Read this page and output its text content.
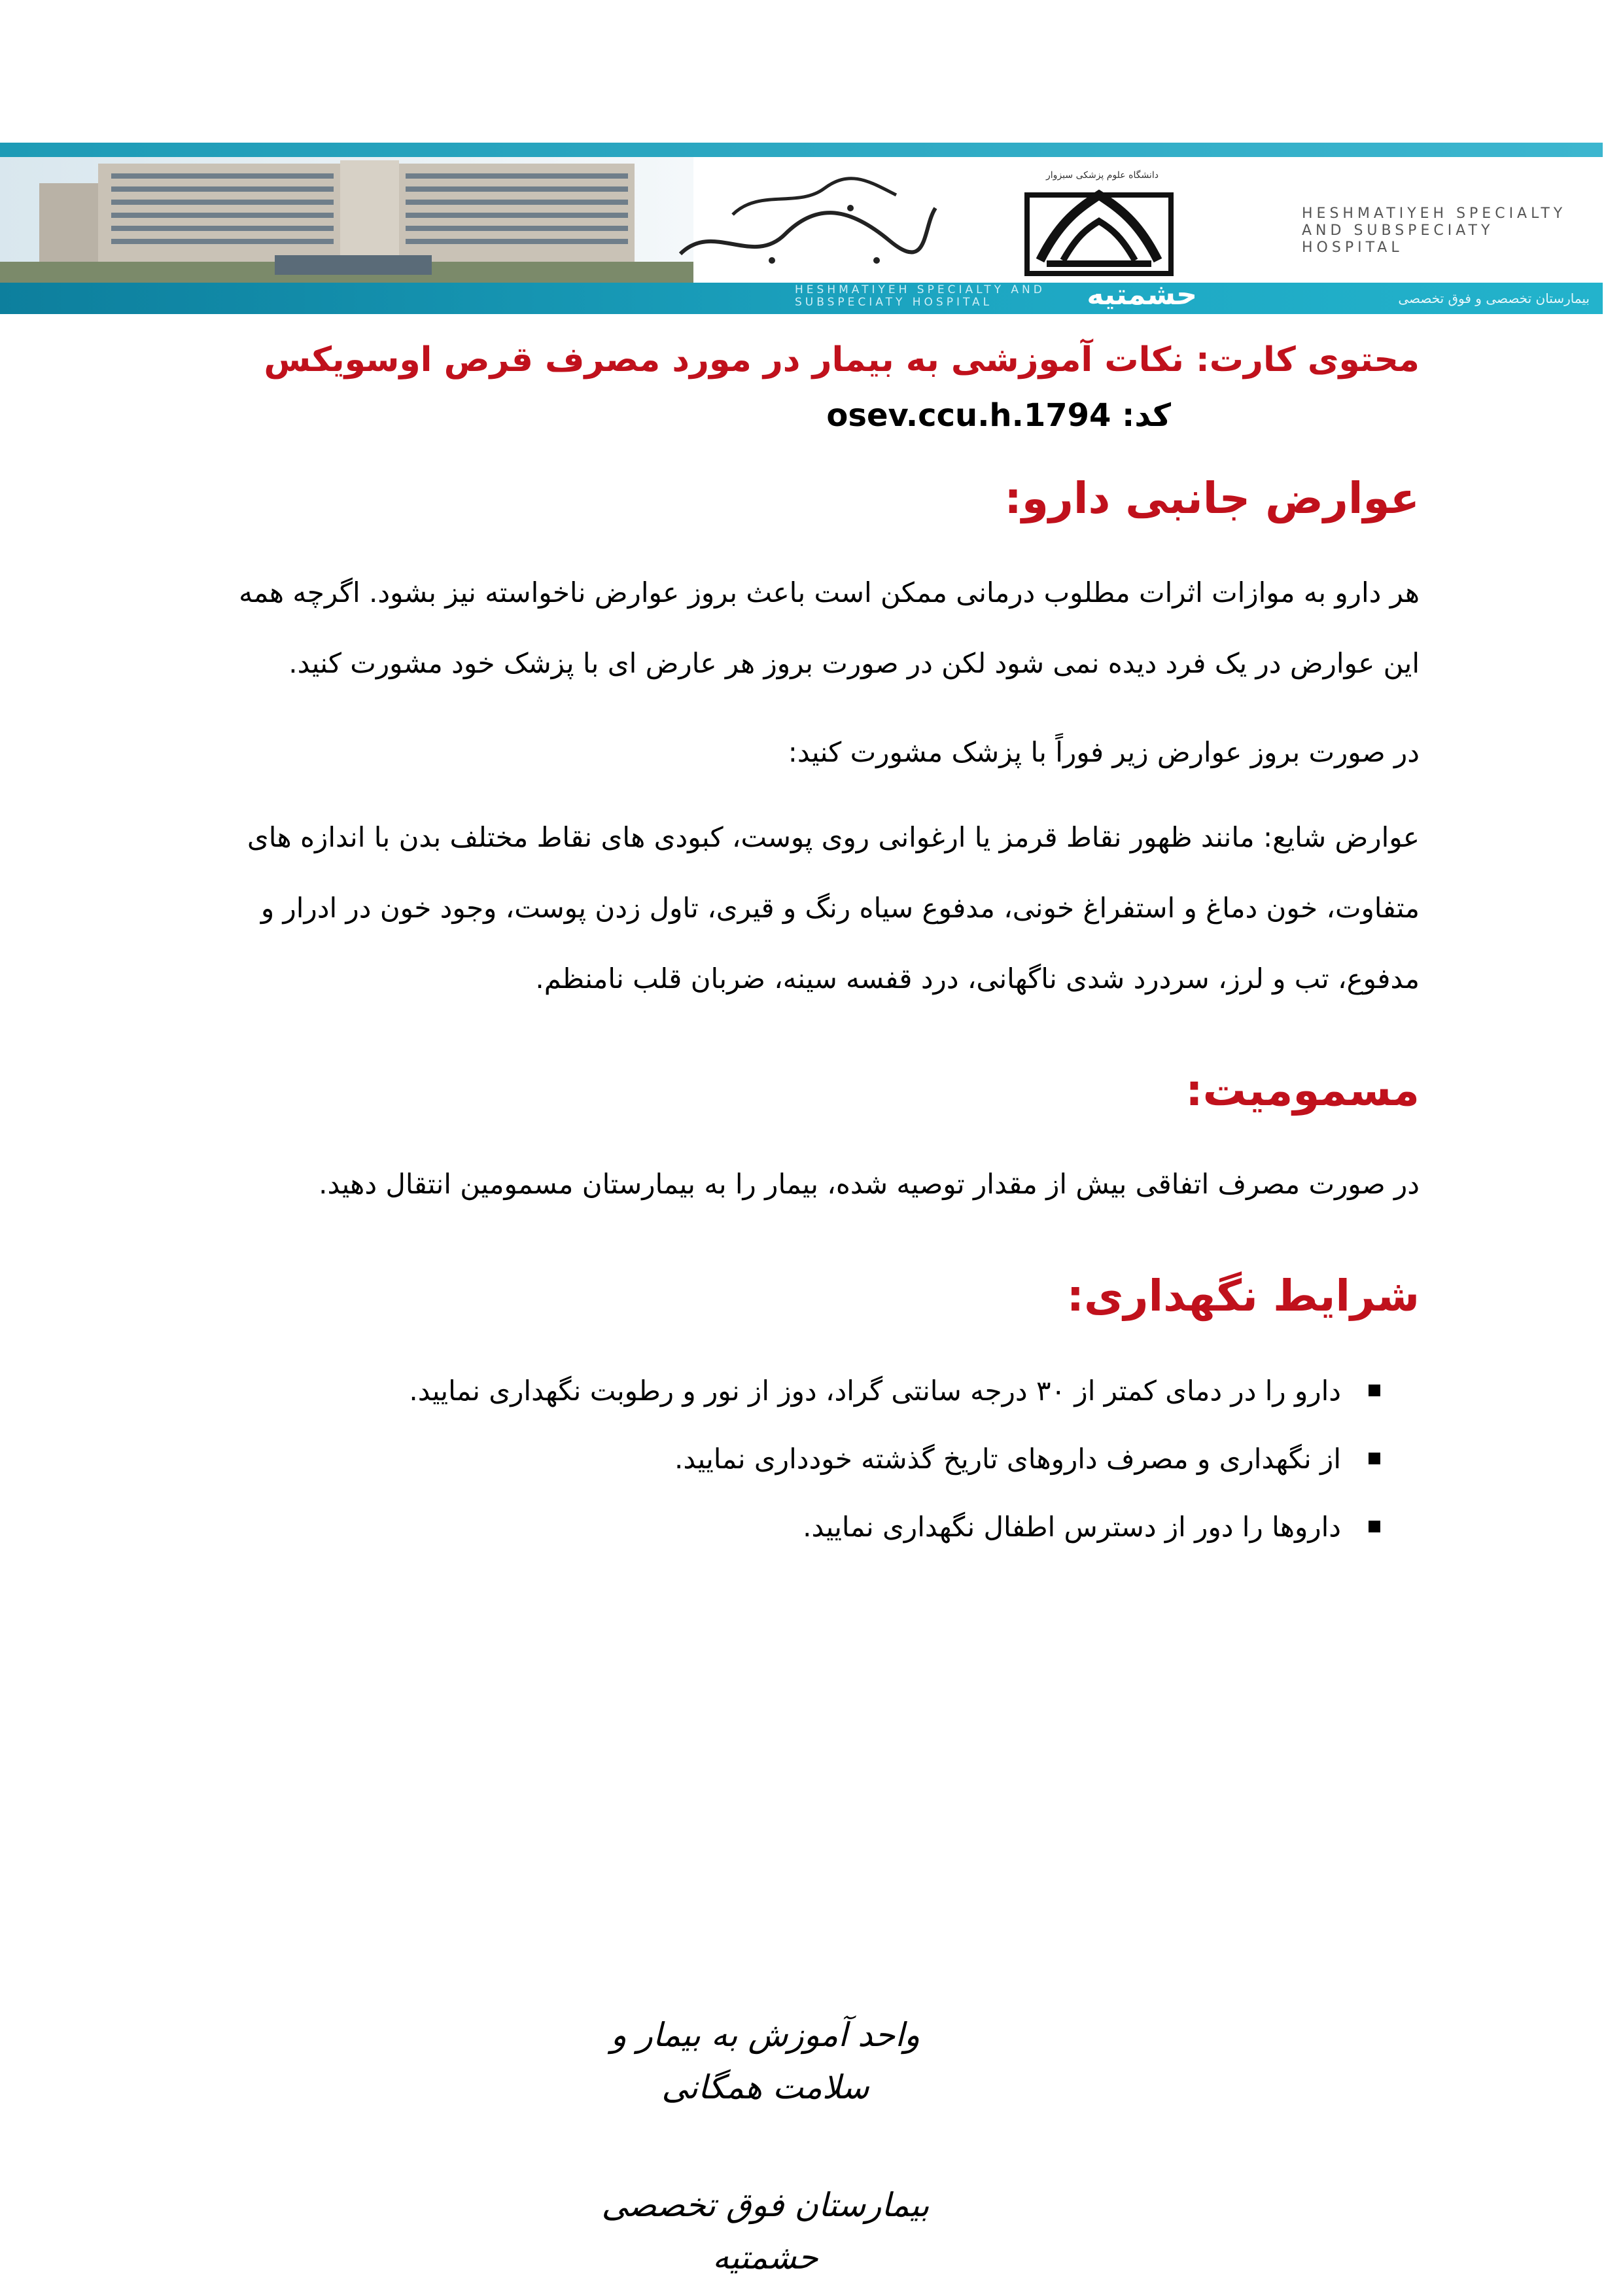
دانشگاه علوم پزشکی سبزوار
HESHMATIYEH SPECIALTY AND SUBSPECIATY HOSPITAL
HESHMATIYEH SPECIALTY AND SUBSPECIATY HOSPITAL	حشمتیه	بیمارستان تخصصی و فوق تخصصی
محتوی کارت: نکات آموزشی به بیمار در مورد مصرف قرص اوسویکس
کد: osev.ccu.h.1794
عوارض جانبی دارو:

هر دارو به موازات اثرات مطلوب درمانی ممکن است باعث بروز عوارض ناخواسته نیز بشود. اگرچه همه این عوارض در یک فرد دیده نمی شود لکن در صورت بروز هر عارض ای با پزشک خود مشورت کنید.

در صورت بروز عوارض زیر فوراً با پزشک مشورت کنید:

عوارض شایع: مانند ظهور نقاط قرمز یا ارغوانی روی پوست، کبودی های نقاط مختلف بدن با اندازه های متفاوت، خون دماغ و استفراغ خونی، مدفوع سیاه رنگ و قیری، تاول زدن پوست، وجود خون در ادرار و مدفوع، تب و لرز، سردرد شدی ناگهانی، درد قفسه سینه، ضربان قلب نامنظم.

مسمومیت:

در صورت مصرف اتفاقی بیش از مقدار توصیه شده، بیمار را به بیمارستان مسمومین انتقال دهید.

شرایط نگهداری:
دارو را در دمای کمتر از ۳۰ درجه سانتی گراد، دوز از نور و رطوبت نگهداری نمایید.
از نگهداری و مصرف داروهای تاریخ گذشته خودداری نمایید.
داروها را دور از دسترس اطفال نگهداری نمایید.
واحد آموزش به بیمار و سلامت همگانی
بیمارستان فوق تخصصی حشمتیه
